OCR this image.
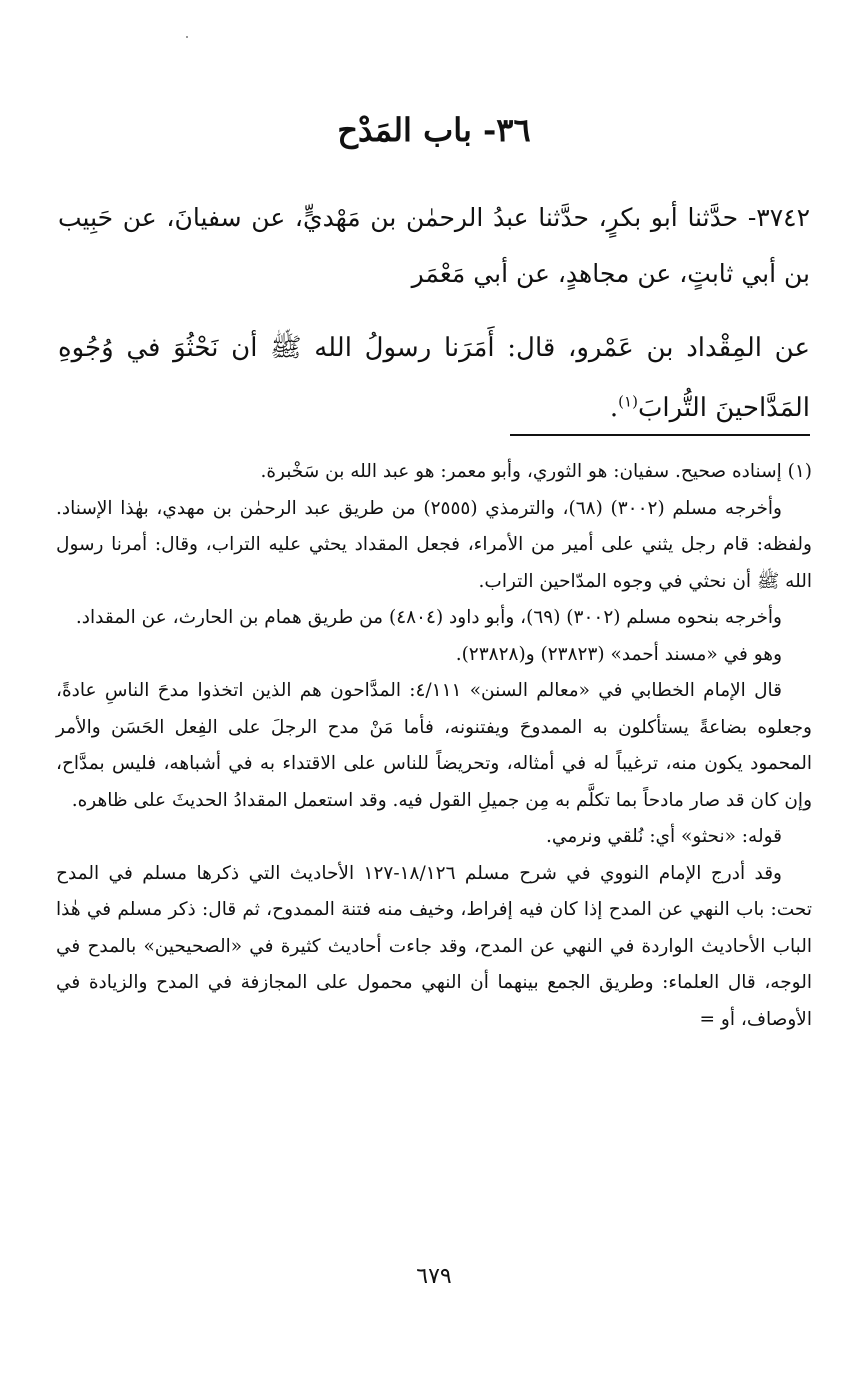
٣٦- باب المَدْح

٣٧٤٢- حدَّثنا أبو بكرٍ، حدَّثنا عبدُ الرحمٰن بن مَهْديٍّ، عن سفيانَ، عن حَبِيب بن أبي ثابتٍ، عن مجاهدٍ، عن أبي مَعْمَر

عن المِقْداد بن عَمْرو، قال: أَمَرَنا رسولُ الله ﷺ أن نَحْثُوَ في وُجُوهِ المَدَّاحينَ التُّرابَ$^{(١)}$.

(١) إسناده صحيح. سفيان: هو الثوري، وأبو معمر: هو عبد الله بن سَخْبرة.

وأخرجه مسلم (٣٠٠٢) (٦٨)، والترمذي (٢٥٥٥) من طريق عبد الرحمٰن بن مهدي، بهٰذا الإسناد. ولفظه: قام رجل يثني على أمير من الأمراء، فجعل المقداد يحثي عليه التراب، وقال: أمرنا رسول الله ﷺ أن نحثي في وجوه المدّاحين التراب.

وأخرجه بنحوه مسلم (٣٠٠٢) (٦٩)، وأبو داود (٤٨٠٤) من طريق همام بن الحارث، عن المقداد.

وهو في «مسند أحمد» (٢٣٨٢٣) و(٢٣٨٢٨).

قال الإمام الخطابي في «معالم السنن» ٤/١١١: المدَّاحون هم الذين اتخذوا مدحَ الناسِ عادةً، وجعلوه بضاعةً يستأكلون به الممدوحَ ويفتنونه، فأما مَنْ مدح الرجلَ على الفِعل الحَسَن والأمر المحمود يكون منه، ترغيباً له في أمثاله، وتحريضاً للناس على الاقتداء به في أشباهه، فليس بمدَّاح، وإن كان قد صار مادحاً بما تكلَّم به مِن جميلِ القول فيه. وقد استعمل المقدادُ الحديثَ على ظاهره.

قوله: «نحثو» أي: نُلقي ونرمي.

وقد أدرج الإمام النووي في شرح مسلم ١٨/١٢٦-١٢٧ الأحاديث التي ذكرها مسلم في المدح تحت: باب النهي عن المدح إذا كان فيه إفراط، وخيف منه فتنة الممدوح، ثم قال: ذكر مسلم في هٰذا الباب الأحاديث الواردة في النهي عن المدح، وقد جاءت أحاديث كثيرة في «الصحيحين» بالمدح في الوجه، قال العلماء: وطريق الجمع بينهما أن النهي محمول على المجازفة في المدح والزيادة في الأوصاف، أو =

٦٧٩
